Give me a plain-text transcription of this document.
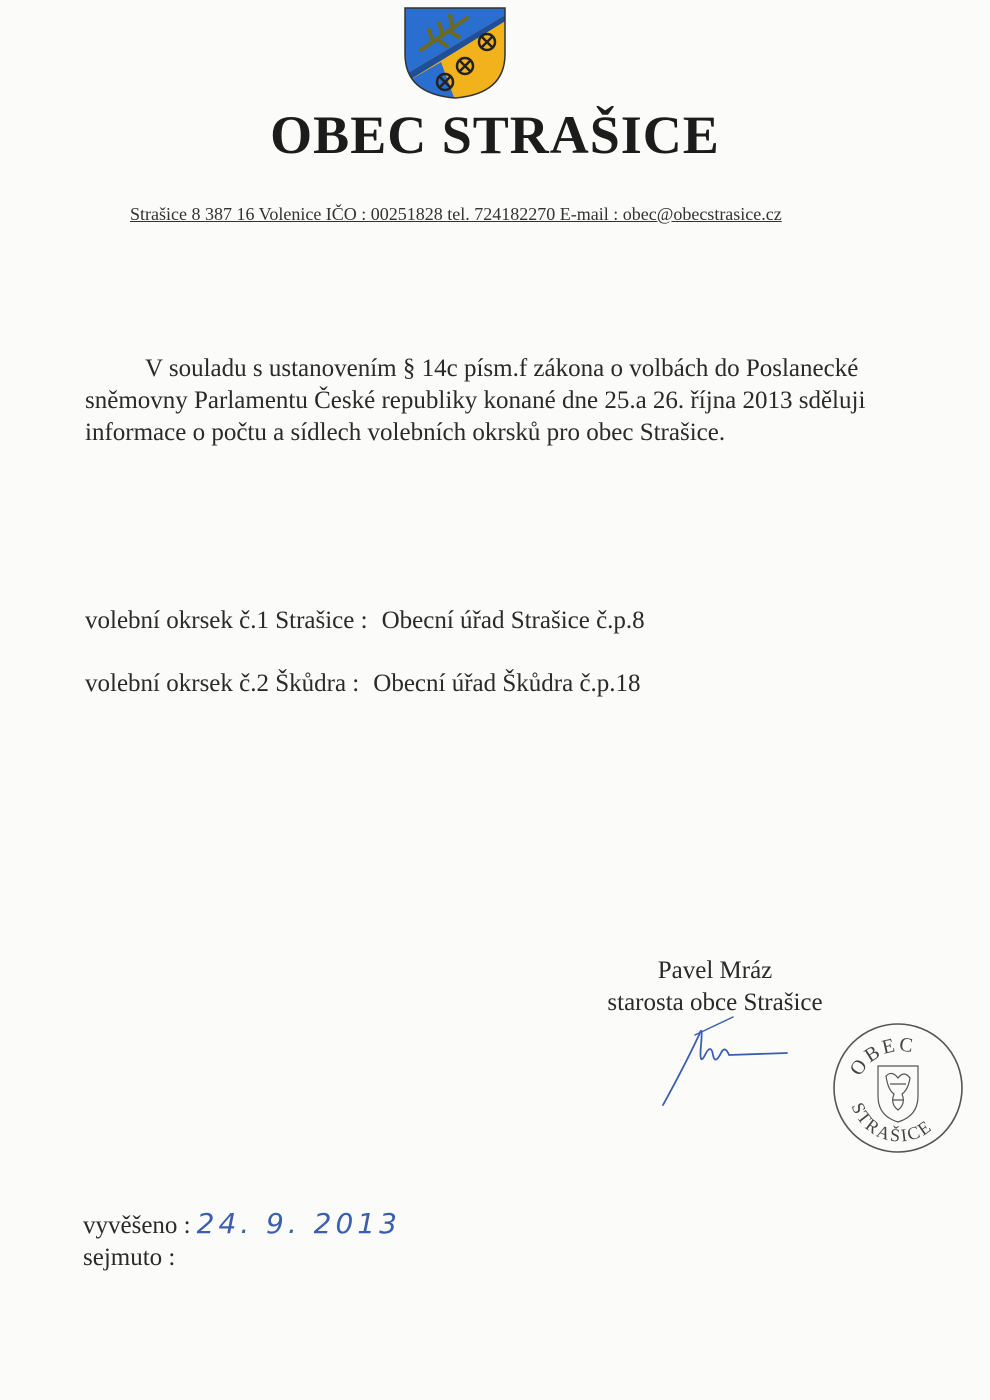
OBEC STRAŠICE
Strašice 8 387 16 Volenice IČO : 00251828 tel. 724182270 E-mail : obec@obecstrasice.cz
V souladu s ustanovením § 14c písm.f zákona o volbách do Poslanecké sněmovny Parlamentu České republiky konané dne 25.a 26. října 2013 sděluji informace o počtu a sídlech volebních okrsků pro obec Strašice.
volební okrsek č.1 Strašice : Obecní úřad Strašice č.p.8
volební okrsek č.2 Škůdra : Obecní úřad Škůdra č.p.18
Pavel Mráz
starosta obce Strašice
OBEC
STRAŠICE
vyvěšeno : 24. 9. 2013
sejmuto :
